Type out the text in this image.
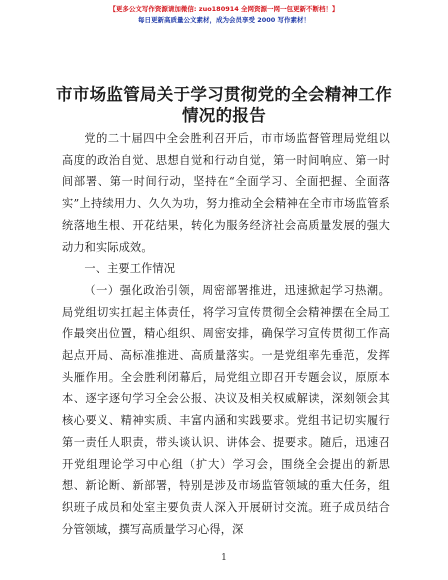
【更多公文写作资源请加微信: zuo180914 全网资源一网一包更新不断档！】
每日更新高质量公文素材，成为会员享受 2000 写作素材！
市市场监管局关于学习贯彻党的全会精神工作
情况的报告

党的二十届四中全会胜利召开后，市市场监督管理局党组以高度的政治自觉、思想自觉和行动自觉，第一时间响应、第一时间部署、第一时间行动，坚持在“全面学习、全面把握、全面落实”上持续用力、久久为功，努力推动全会精神在全市市场监管系统落地生根、开花结果，转化为服务经济社会高质量发展的强大动力和实际成效。

一、主要工作情况

（一）强化政治引领，周密部署推进，迅速掀起学习热潮。局党组切实扛起主体责任，将学习宣传贯彻全会精神摆在全局工作最突出位置，精心组织、周密安排，确保学习宣传贯彻工作高起点开局、高标准推进、高质量落实。一是党组率先垂范，发挥头雁作用。全会胜利闭幕后，局党组立即召开专题会议，原原本本、逐字逐句学习全会公报、决议及相关权威解读，深刻领会其核心要义、精神实质、丰富内涵和实践要求。党组书记切实履行第一责任人职责，带头谈认识、讲体会、提要求。随后，迅速召开党组理论学习中心组（扩大）学习会，围绕全会提出的新思想、新论断、新部署，特别是涉及市场监管领域的重大任务，组织班子成员和处室主要负责人深入开展研讨交流。班子成员结合分管领域，撰写高质量学习心得，深

1
